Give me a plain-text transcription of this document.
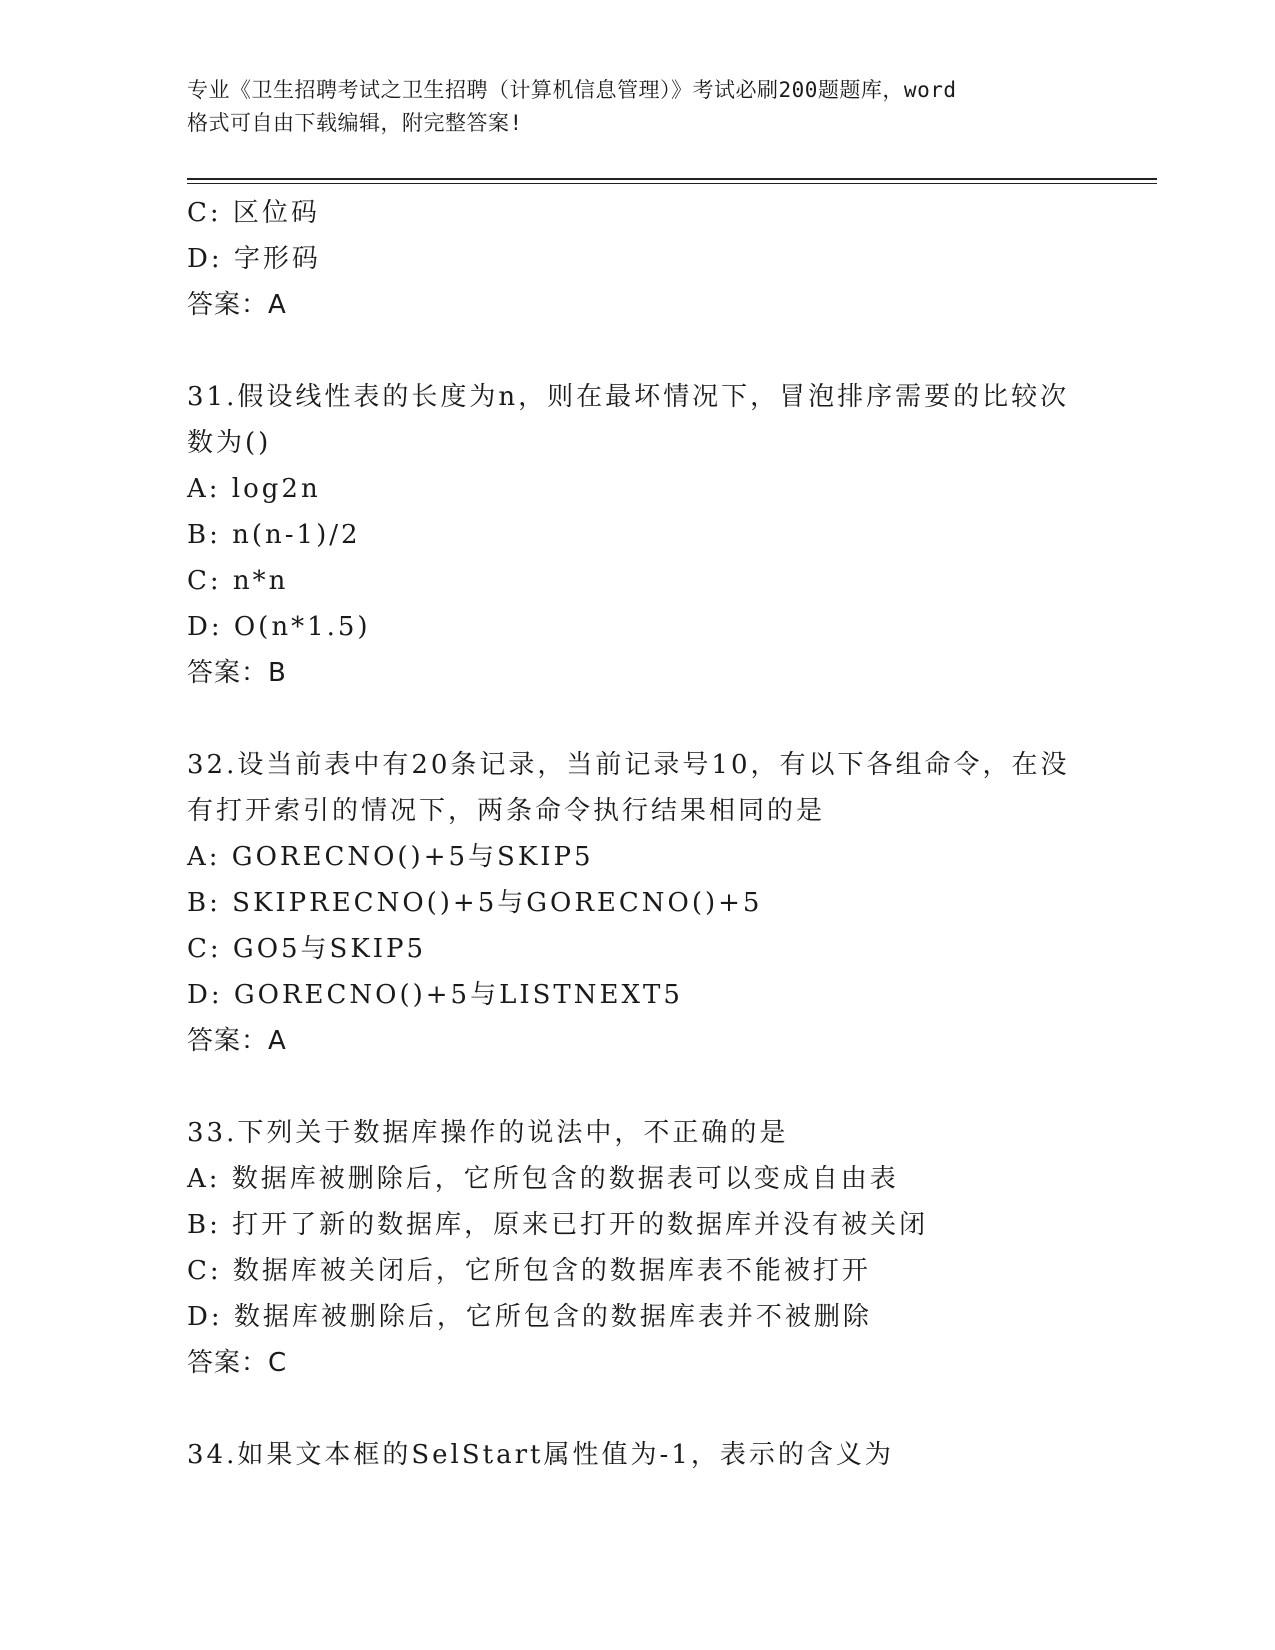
专业《卫生招聘考试之卫生招聘（计算机信息管理）》考试必刷200题题库，word
格式可自由下载编辑，附完整答案!
C: 区位码
D: 字形码
答案：A
31.假设线性表的长度为n，则在最坏情况下，冒泡排序需要的比较次
数为()
A: log2n
B: n(n-1)/2
C: n*n
D: O(n*1.5)
答案：B
32.设当前表中有20条记录，当前记录号10，有以下各组命令，在没
有打开索引的情况下，两条命令执行结果相同的是
A: GORECNO()+5与SKIP5
B: SKIPRECNO()+5与GORECNO()+5
C: GO5与SKIP5
D: GORECNO()+5与LISTNEXT5
答案：A
33.下列关于数据库操作的说法中，不正确的是
A: 数据库被删除后，它所包含的数据表可以变成自由表
B: 打开了新的数据库，原来已打开的数据库并没有被关闭
C: 数据库被关闭后，它所包含的数据库表不能被打开
D: 数据库被删除后，它所包含的数据库表并不被删除
答案：C
34.如果文本框的SelStart属性值为-1，表示的含义为
